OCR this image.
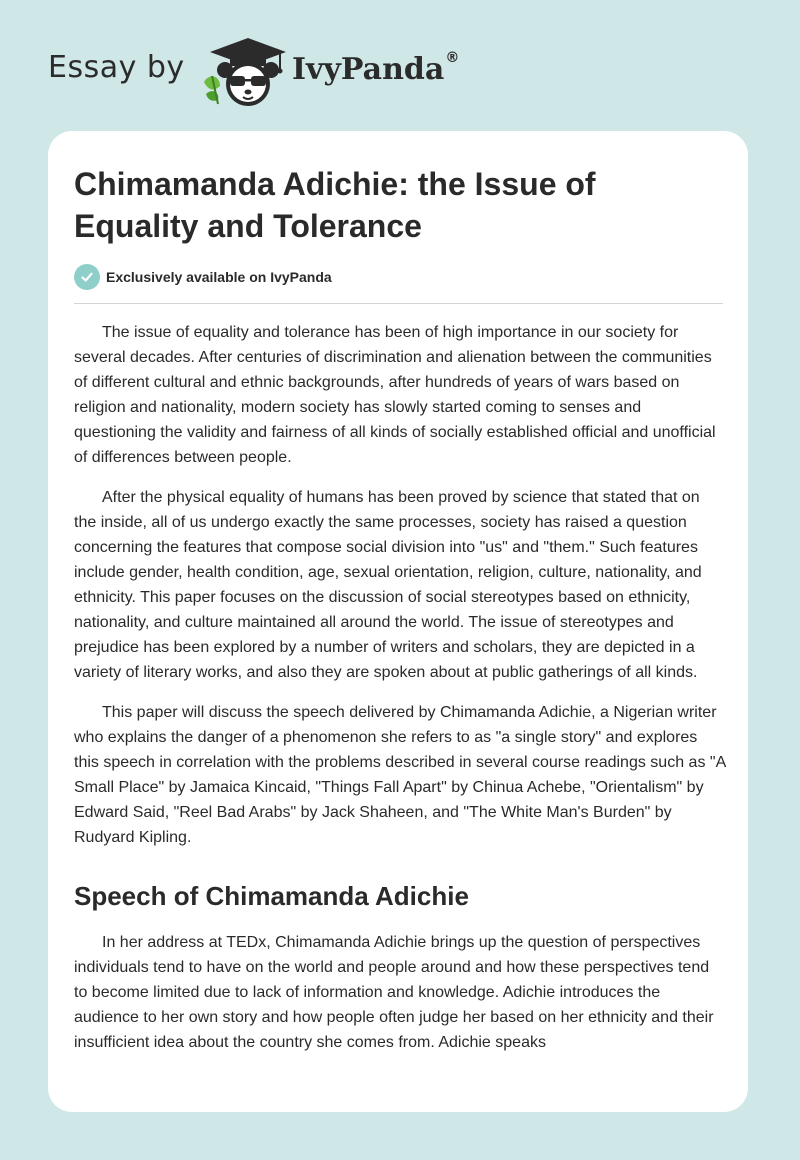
Essay by	IvyPanda®
Chimamanda Adichie: the Issue of Equality and Tolerance
Exclusively available on IvyPanda

The issue of equality and tolerance has been of high importance in our society for several decades. After centuries of discrimination and alienation between the communities of different cultural and ethnic backgrounds, after hundreds of years of wars based on religion and nationality, modern society has slowly started coming to senses and questioning the validity and fairness of all kinds of socially established official and unofficial of differences between people.

After the physical equality of humans has been proved by science that stated that on the inside, all of us undergo exactly the same processes, society has raised a question concerning the features that compose social division into "us" and "them." Such features include gender, health condition, age, sexual orientation, religion, culture, nationality, and ethnicity. This paper focuses on the discussion of social stereotypes based on ethnicity, nationality, and culture maintained all around the world. The issue of stereotypes and prejudice has been explored by a number of writers and scholars, they are depicted in a variety of literary works, and also they are spoken about at public gatherings of all kinds.

This paper will discuss the speech delivered by Chimamanda Adichie, a Nigerian writer who explains the danger of a phenomenon she refers to as "a single story" and explores this speech in correlation with the problems described in several course readings such as "A Small Place" by Jamaica Kincaid, "Things Fall Apart" by Chinua Achebe, "Orientalism" by Edward Said, "Reel Bad Arabs" by Jack Shaheen, and "The White Man's Burden" by Rudyard Kipling.

Speech of Chimamanda Adichie

In her address at TEDx, Chimamanda Adichie brings up the question of perspectives individuals tend to have on the world and people around and how these perspectives tend to become limited due to lack of information and knowledge. Adichie introduces the audience to her own story and how people often judge her based on her ethnicity and their insufficient idea about the country she comes from. Adichie speaks
